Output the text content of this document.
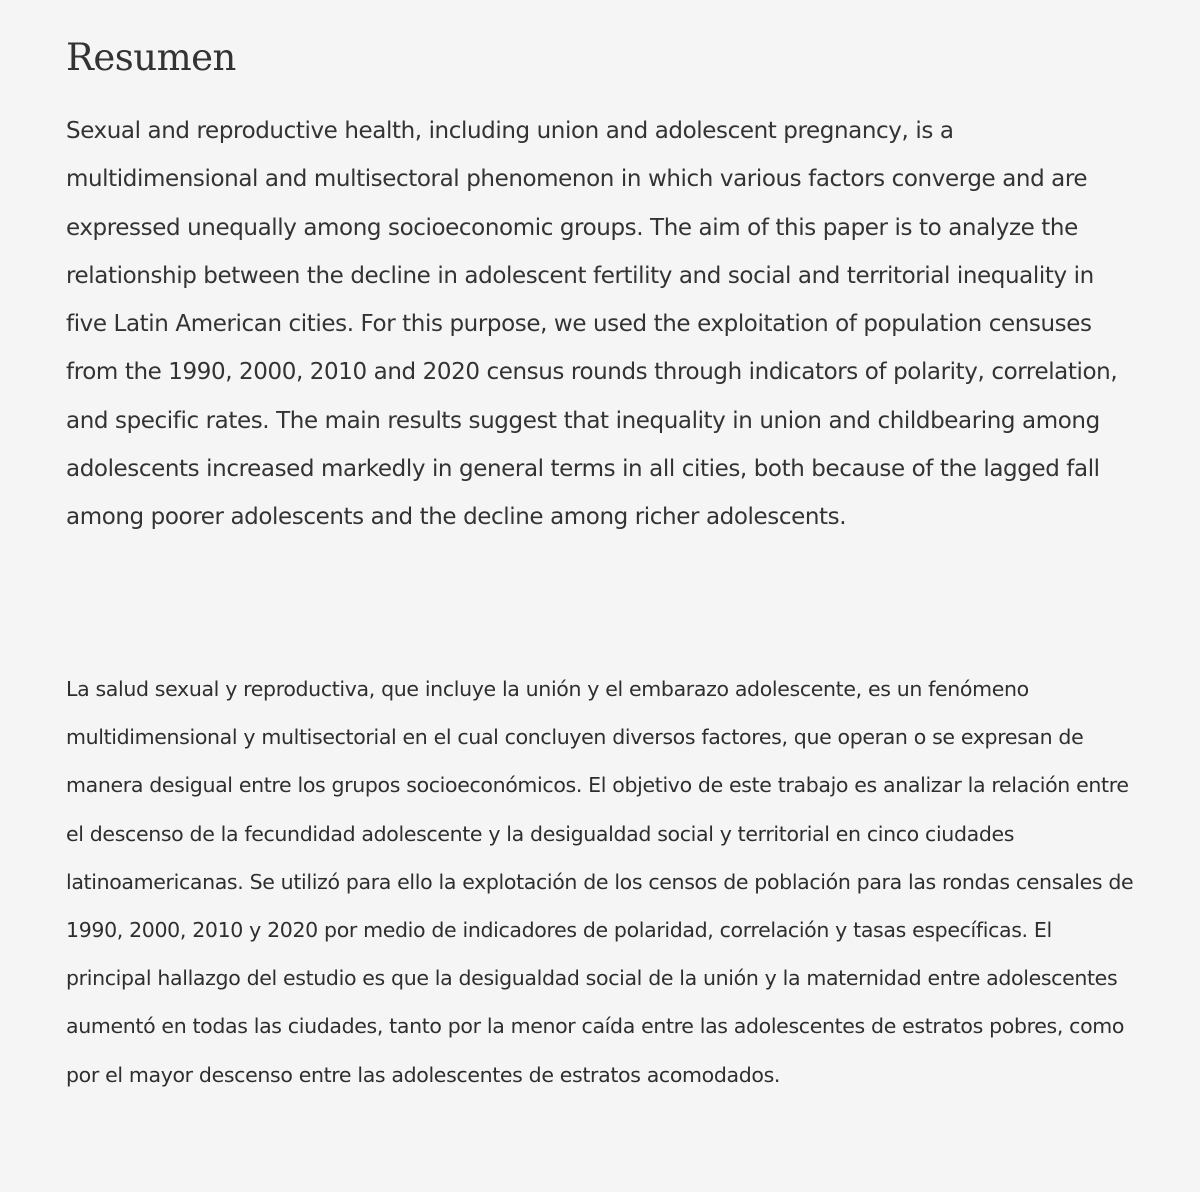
Resumen

Sexual and reproductive health, including union and adolescent pregnancy, is a multidimensional and multisectoral phenomenon in which various factors converge and are expressed unequally among socioeconomic groups. The aim of this paper is to analyze the relationship between the decline in adolescent fertility and social and territorial inequality in five Latin American cities. For this purpose, we used the exploitation of population censuses from the 1990, 2000, 2010 and 2020 census rounds through indicators of polarity, correlation, and specific rates. The main results suggest that inequality in union and childbearing among adolescents increased markedly in general terms in all cities, both because of the lagged fall among poorer adolescents and the decline among richer adolescents.

La salud sexual y reproductiva, que incluye la unión y el embarazo adolescente, es un fenómeno multidimensional y multisectorial en el cual concluyen diversos factores, que operan o se expresan de manera desigual entre los grupos socioeconómicos. El objetivo de este trabajo es analizar la relación entre el descenso de la fecundidad adolescente y la desigualdad social y territorial en cinco ciudades latinoamericanas. Se utilizó para ello la explotación de los censos de población para las rondas censales de 1990, 2000, 2010 y 2020 por medio de indicadores de polaridad, correlación y tasas específicas. El principal hallazgo del estudio es que la desigualdad social de la unión y la maternidad entre adolescentes aumentó en todas las ciudades, tanto por la menor caída entre las adolescentes de estratos pobres, como por el mayor descenso entre las adolescentes de estratos acomodados.
